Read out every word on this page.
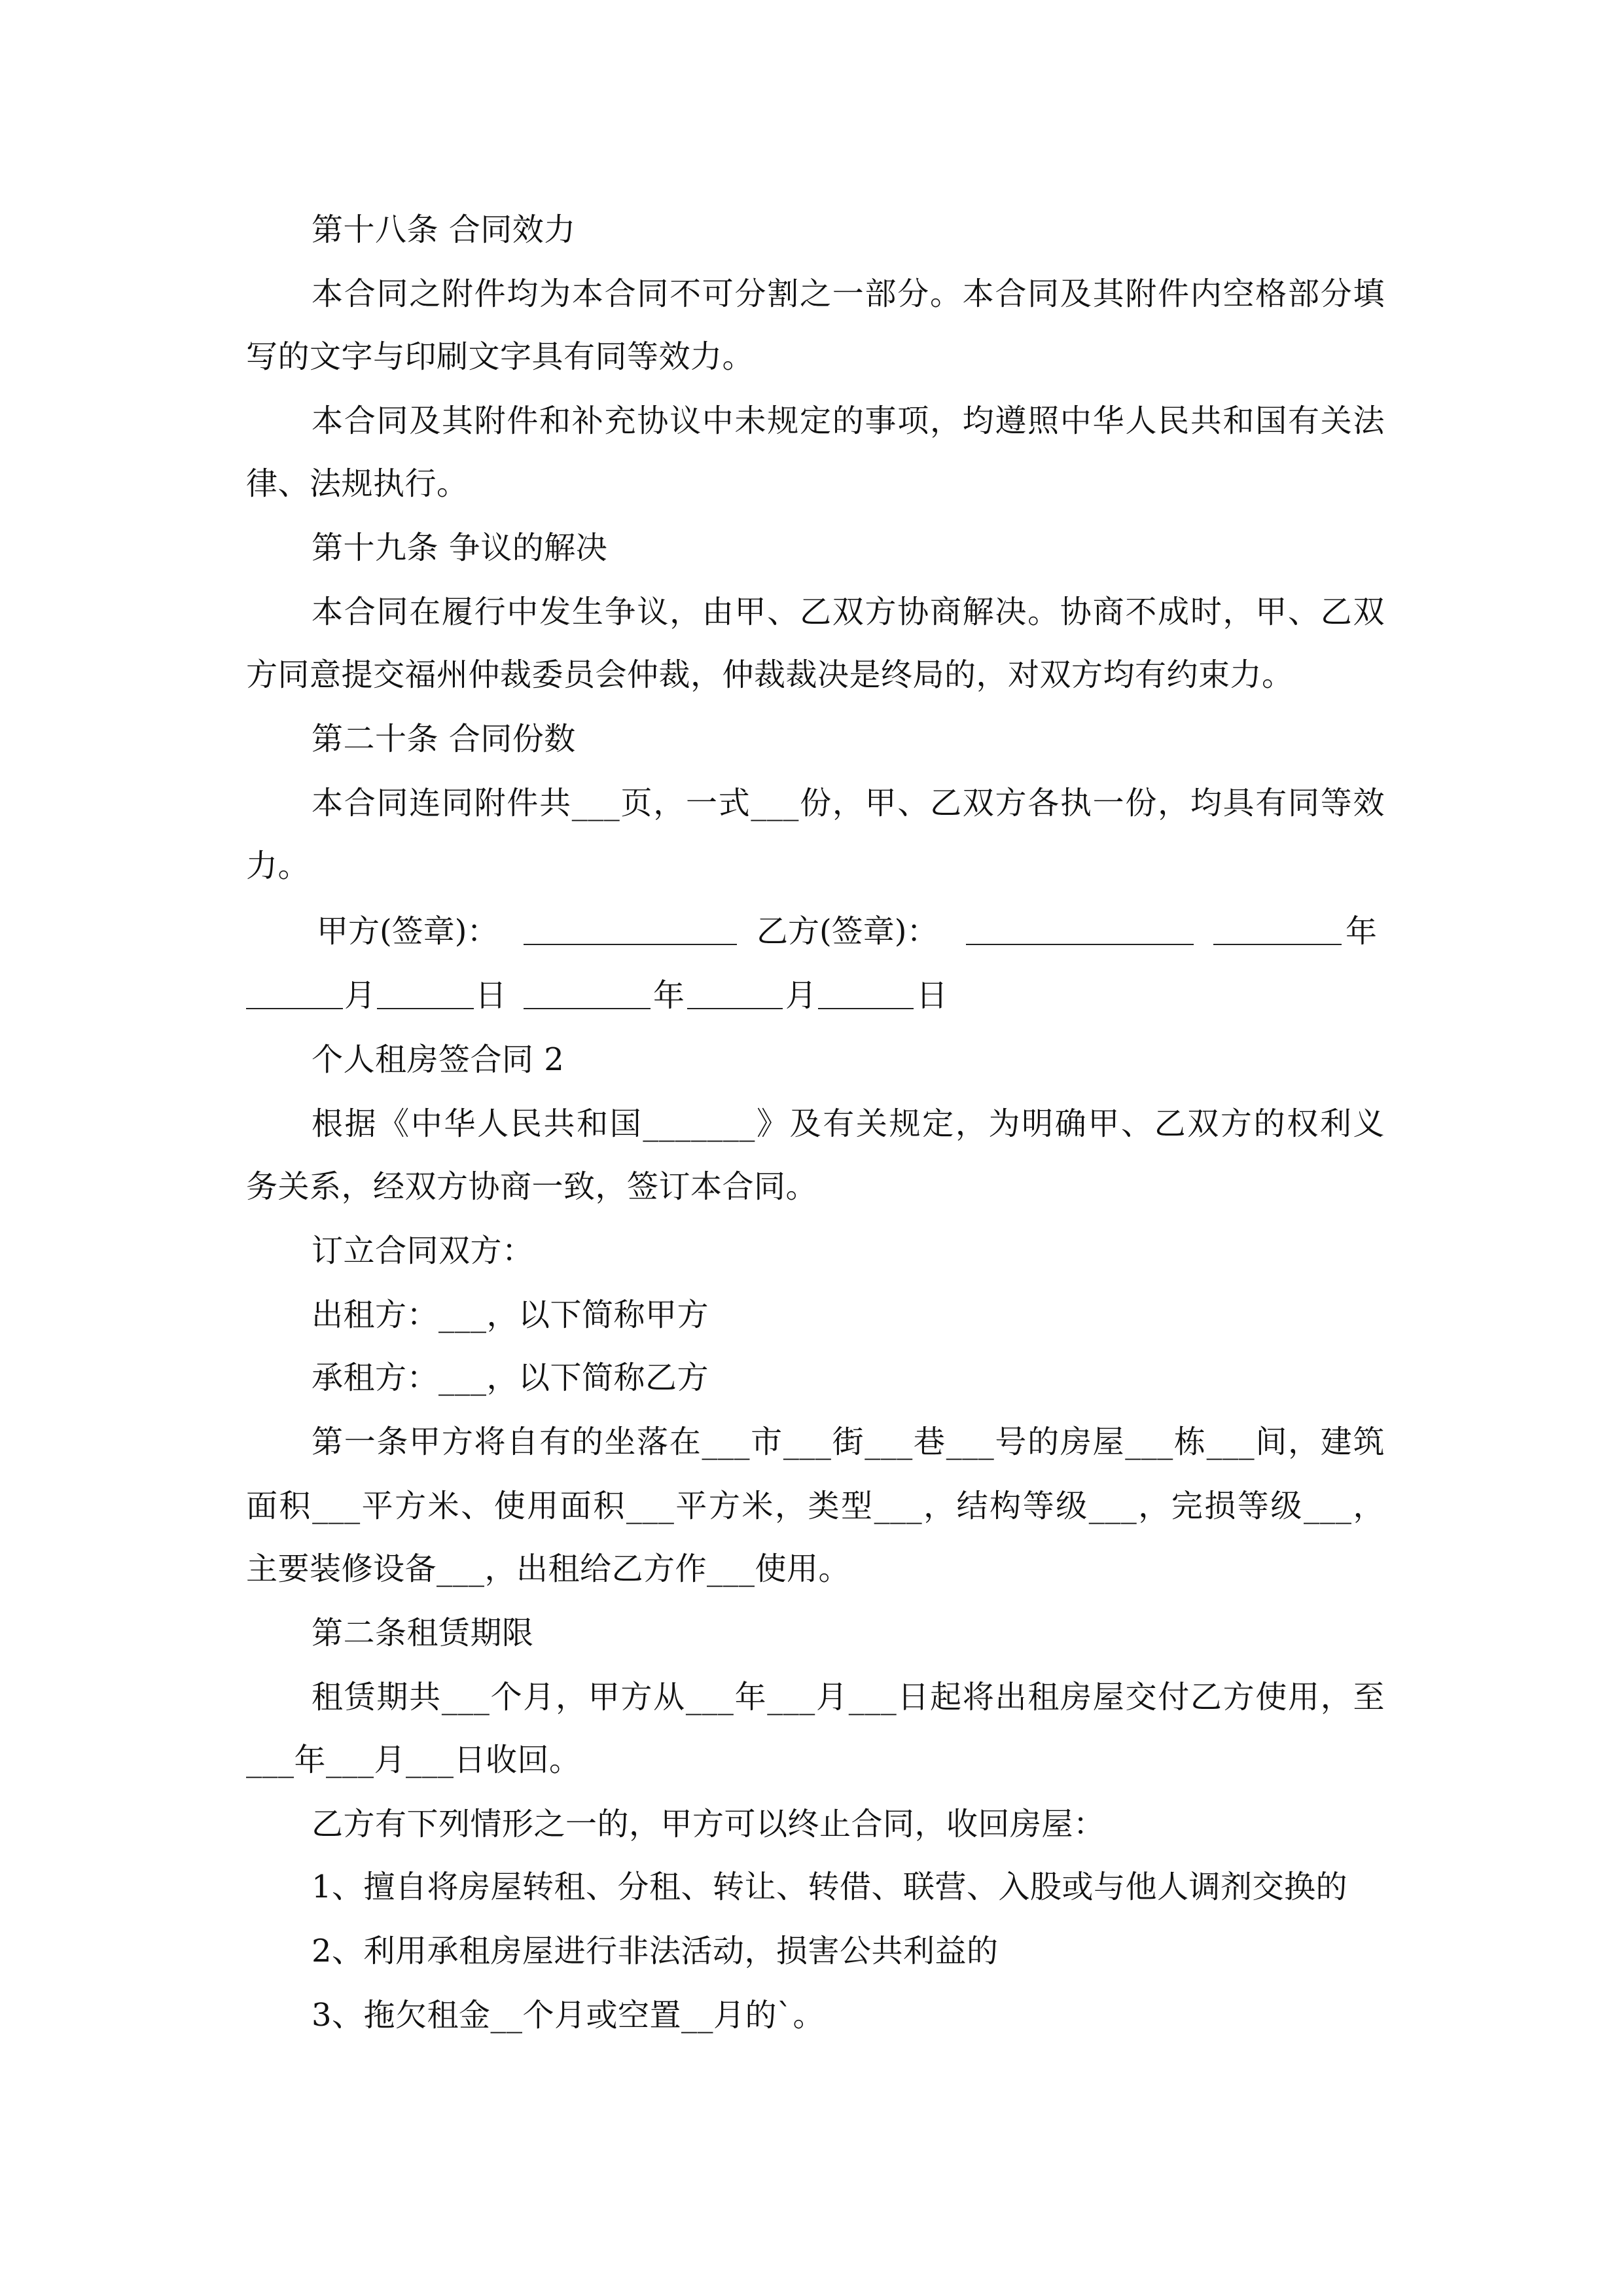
第十八条 合同效力
本合同之附件均为本合同不可分割之一部分。本合同及其附件内空格部分填
写的文字与印刷文字具有同等效力。
本合同及其附件和补充协议中未规定的事项，均遵照中华人民共和国有关法
律、法规执行。
第十九条 争议的解决
本合同在履行中发生争议，由甲、乙双方协商解决。协商不成时，甲、乙双
方同意提交福州仲裁委员会仲裁，仲裁裁决是终局的，对双方均有约束力。
第二十条 合同份数
本合同连同附件共___页，一式___份，甲、乙双方各执一份，均具有同等效
力。
甲方(签章)：	乙方(签章)：	年
月	日	年	月	日
个人租房签合同 2
根据《中华人民共和国_______》及有关规定，为明确甲、乙双方的权利义
务关系，经双方协商一致，签订本合同。
订立合同双方：
出租方：___，以下简称甲方
承租方：___，以下简称乙方
第一条甲方将自有的坐落在___市___街___巷___号的房屋___栋___间，建筑
面积___平方米、使用面积___平方米，类型___，结构等级___，完损等级___，
主要装修设备___，出租给乙方作___使用。
第二条租赁期限
租赁期共___个月，甲方从___年___月___日起将出租房屋交付乙方使用，至
___年___月___日收回。
乙方有下列情形之一的，甲方可以终止合同，收回房屋：
1、擅自将房屋转租、分租、转让、转借、联营、入股或与他人调剂交换的
2、利用承租房屋进行非法活动，损害公共利益的
3、拖欠租金__个月或空置__月的`。
